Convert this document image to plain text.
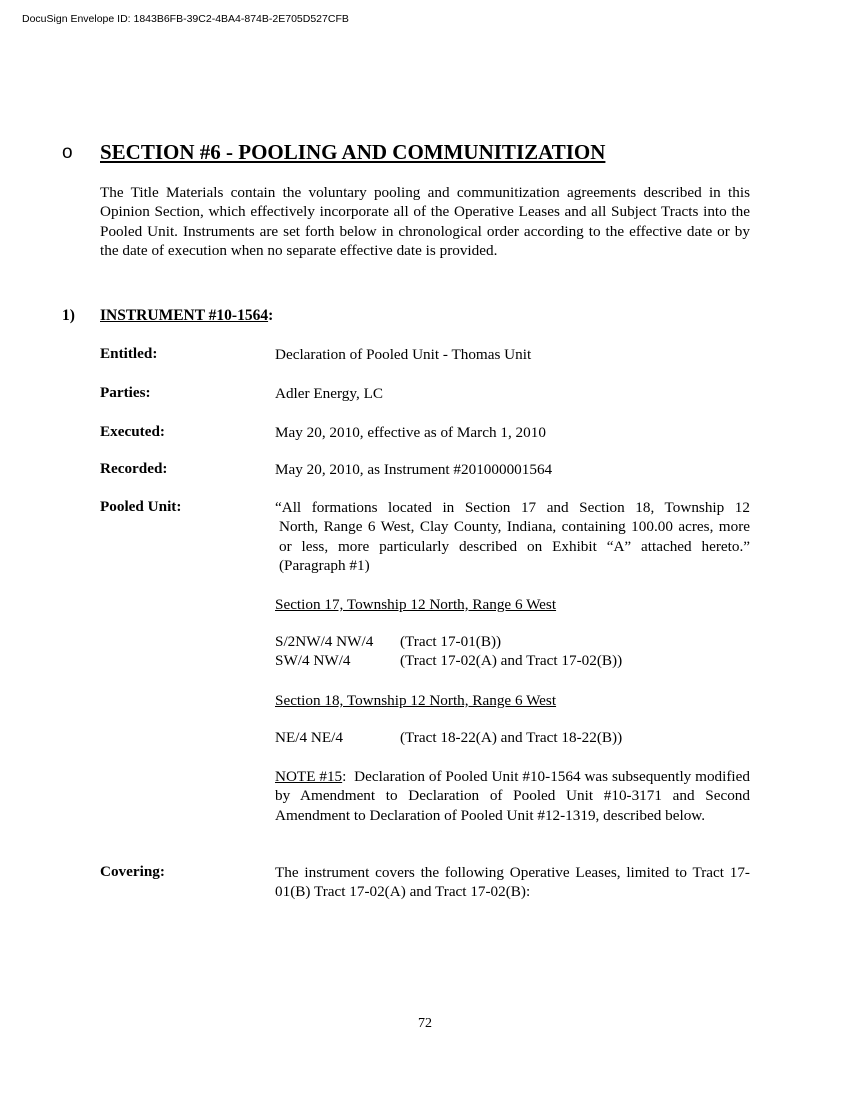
DocuSign Envelope ID: 1843B6FB-39C2-4BA4-874B-2E705D527CFB
o SECTION #6 - POOLING AND COMMUNITIZATION
The Title Materials contain the voluntary pooling and communitization agreements described in this Opinion Section, which effectively incorporate all of the Operative Leases and all Subject Tracts into the Pooled Unit. Instruments are set forth below in chronological order according to the effective date or by the date of execution when no separate effective date is provided.
1) INSTRUMENT #10-1564:
Entitled:	Declaration of Pooled Unit - Thomas Unit
Parties:	Adler Energy, LC
Executed:	May 20, 2010, effective as of March 1, 2010
Recorded:	May 20, 2010, as Instrument #201000001564
Pooled Unit:	“All formations located in Section 17 and Section 18, Township 12
North, Range 6 West, Clay County, Indiana, containing 100.00 acres, more or less, more particularly described on Exhibit “A” attached hereto.” (Paragraph #1)
Section 17, Township 12 North, Range 6 West
S/2NW/4 NW/4 (Tract 17-01(B))
SW/4 NW/4	(Tract 17-02(A) and Tract 17-02(B))
Section 18, Township 12 North, Range 6 West
NE/4 NE/4	(Tract 18-22(A) and Tract 18-22(B))
NOTE #15:  Declaration of Pooled Unit #10-1564 was subsequently modified by Amendment to Declaration of Pooled Unit #10-3171 and Second Amendment to Declaration of Pooled Unit #12-1319, described below.
Covering:	The instrument covers the following Operative Leases, limited to Tract 17-01(B) Tract 17-02(A) and Tract 17-02(B):
72
